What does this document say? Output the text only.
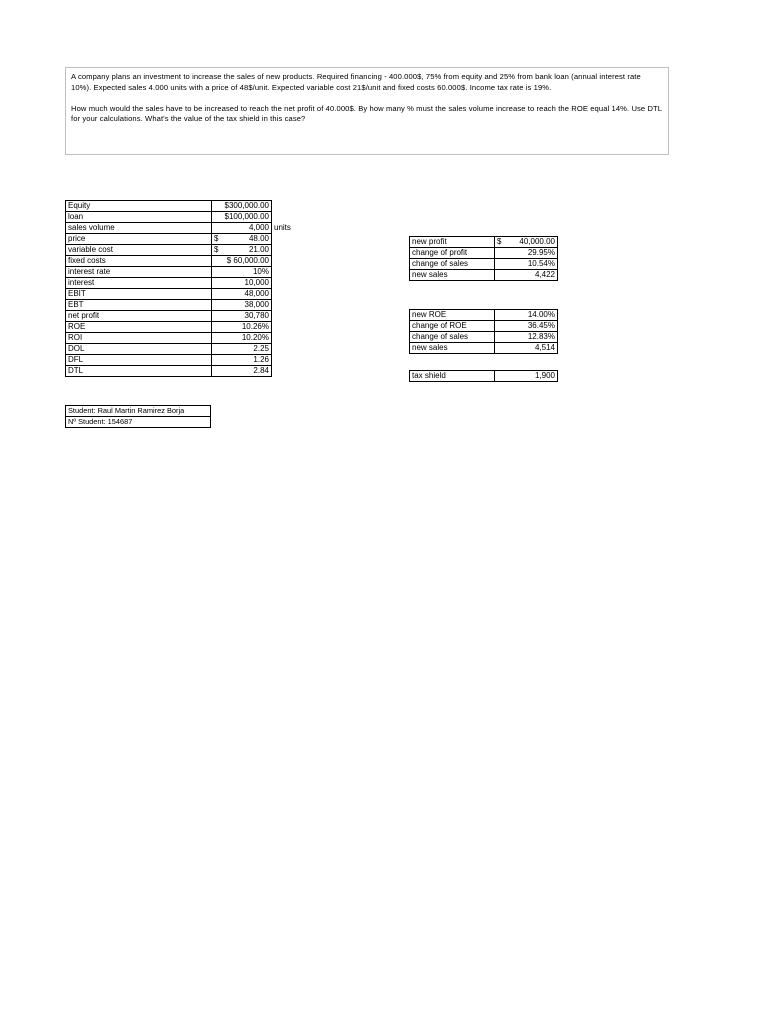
A company plans an investment to increase the sales of new products. Required financing - 400.000$, 75% from equity and 25% from bank loan (annual interest rate 10%). Expected sales 4.000 units with a price of 48$/unit. Expected variable cost 21$/unit and fixed costs 60.000$. Income tax rate is 19%.

How much would the sales have to be increased to reach the net profit of 40.000$. By how many % must the sales volume increase to reach the ROE equal 14%. Use DTL for your calculations. What's the value of the tax shield in this case?

Equity	$300,000.00	
loan	$100,000.00	
sales volume	4,000	units
price	$ 48.00	

variable cost	$ 21.00	

fixed costs	$ 60,000.00	
interest rate	10%	
interest	10,000	
EBIT	48,000	
EBT	38,000	
net profit	30,780	
ROE	10.26%	
ROI	10.20%	
DOL	2.25	
DFL	1.26	
DTL	2.84	
new profit	$ 40,000.00

change of profit	29.95%
change of sales	10.54%
new sales	4,422
new ROE	14.00%
change of ROE	36.45%
change of sales	12.83%
new sales	4,514
tax shield	1,900
Student: Raul Martin Ramirez Borja
Nº Student: 154687
